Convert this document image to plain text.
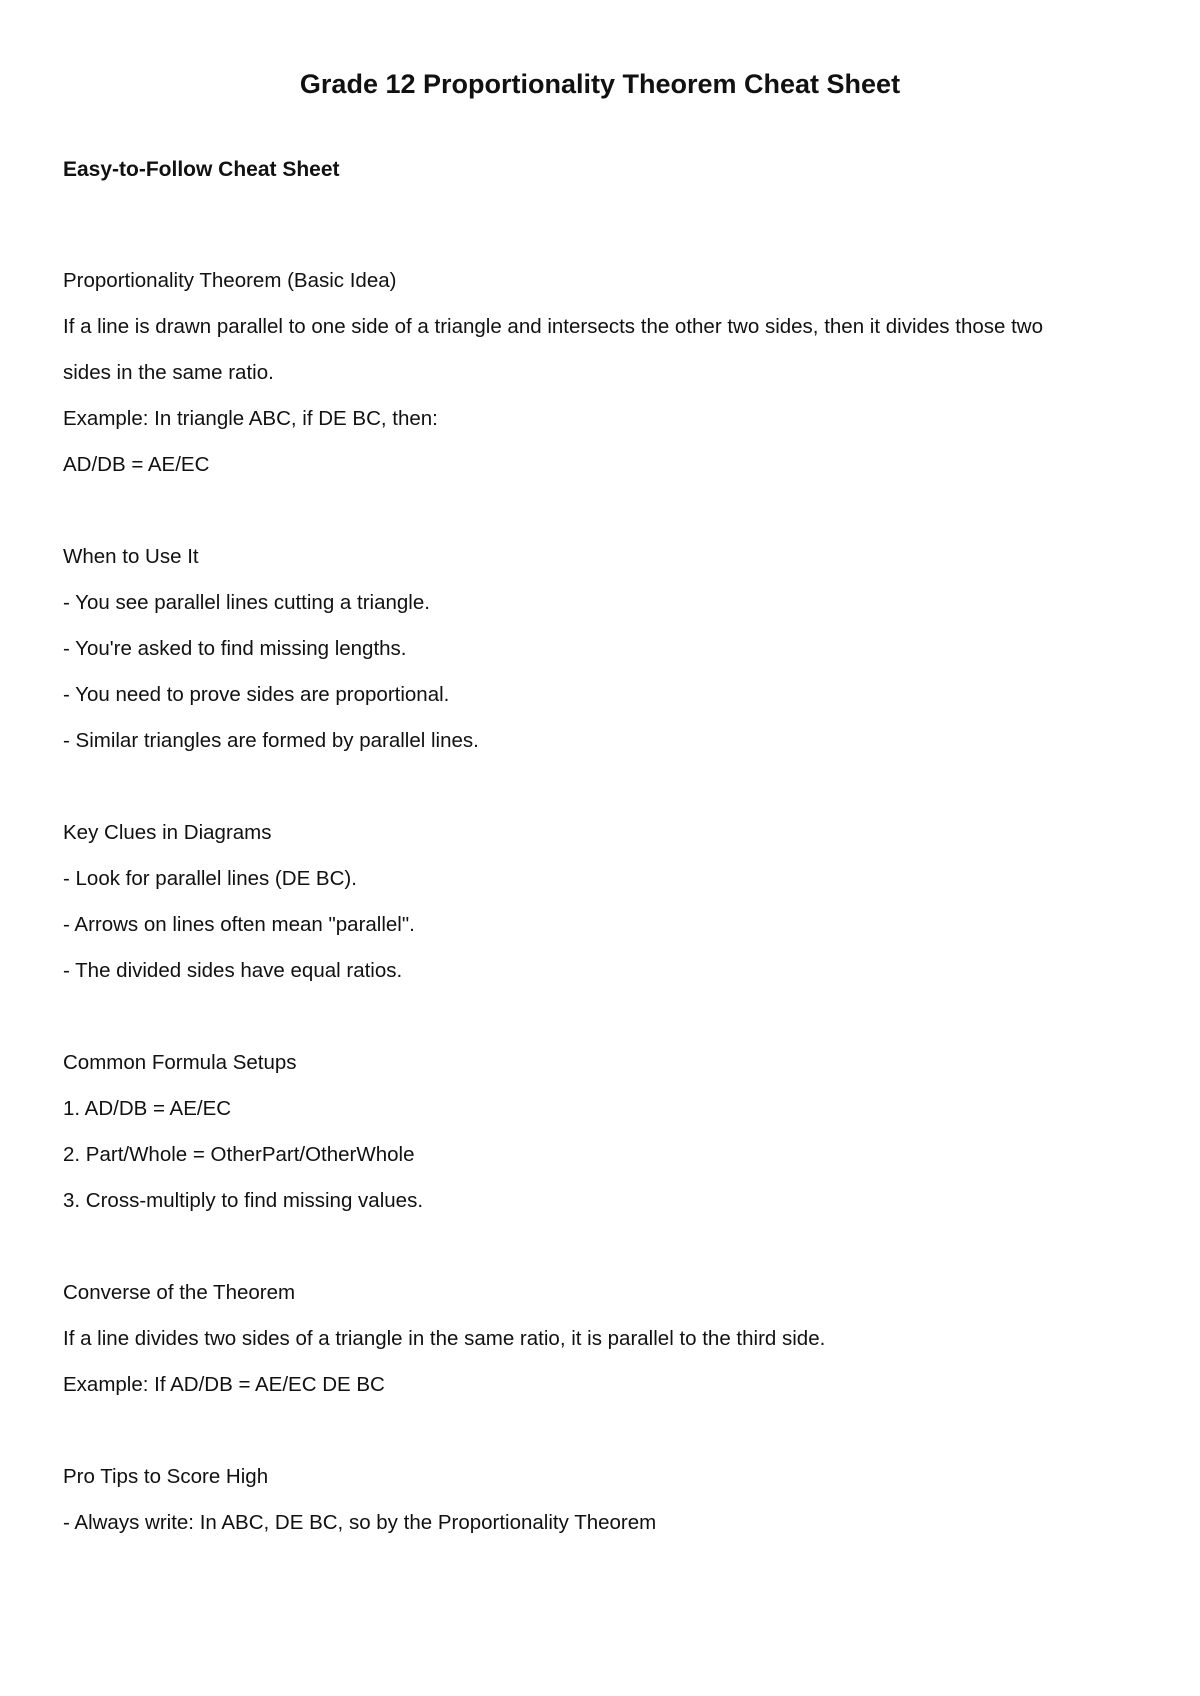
Grade 12 Proportionality Theorem Cheat Sheet
Easy-to-Follow Cheat Sheet

Proportionality Theorem (Basic Idea)

If a line is drawn parallel to one side of a triangle and intersects the other two sides, then it divides those two

sides in the same ratio.

Example: In triangle ABC, if DE BC, then:

AD/DB = AE/EC

When to Use It

- You see parallel lines cutting a triangle.

- You're asked to find missing lengths.

- You need to prove sides are proportional.

- Similar triangles are formed by parallel lines.

Key Clues in Diagrams

- Look for parallel lines (DE BC).

- Arrows on lines often mean "parallel".

- The divided sides have equal ratios.

Common Formula Setups

1. AD/DB = AE/EC

2. Part/Whole = OtherPart/OtherWhole

3. Cross-multiply to find missing values.

Converse of the Theorem

If a line divides two sides of a triangle in the same ratio, it is parallel to the third side.

Example: If AD/DB = AE/EC DE BC

Pro Tips to Score High

- Always write: In ABC, DE BC, so by the Proportionality Theorem
